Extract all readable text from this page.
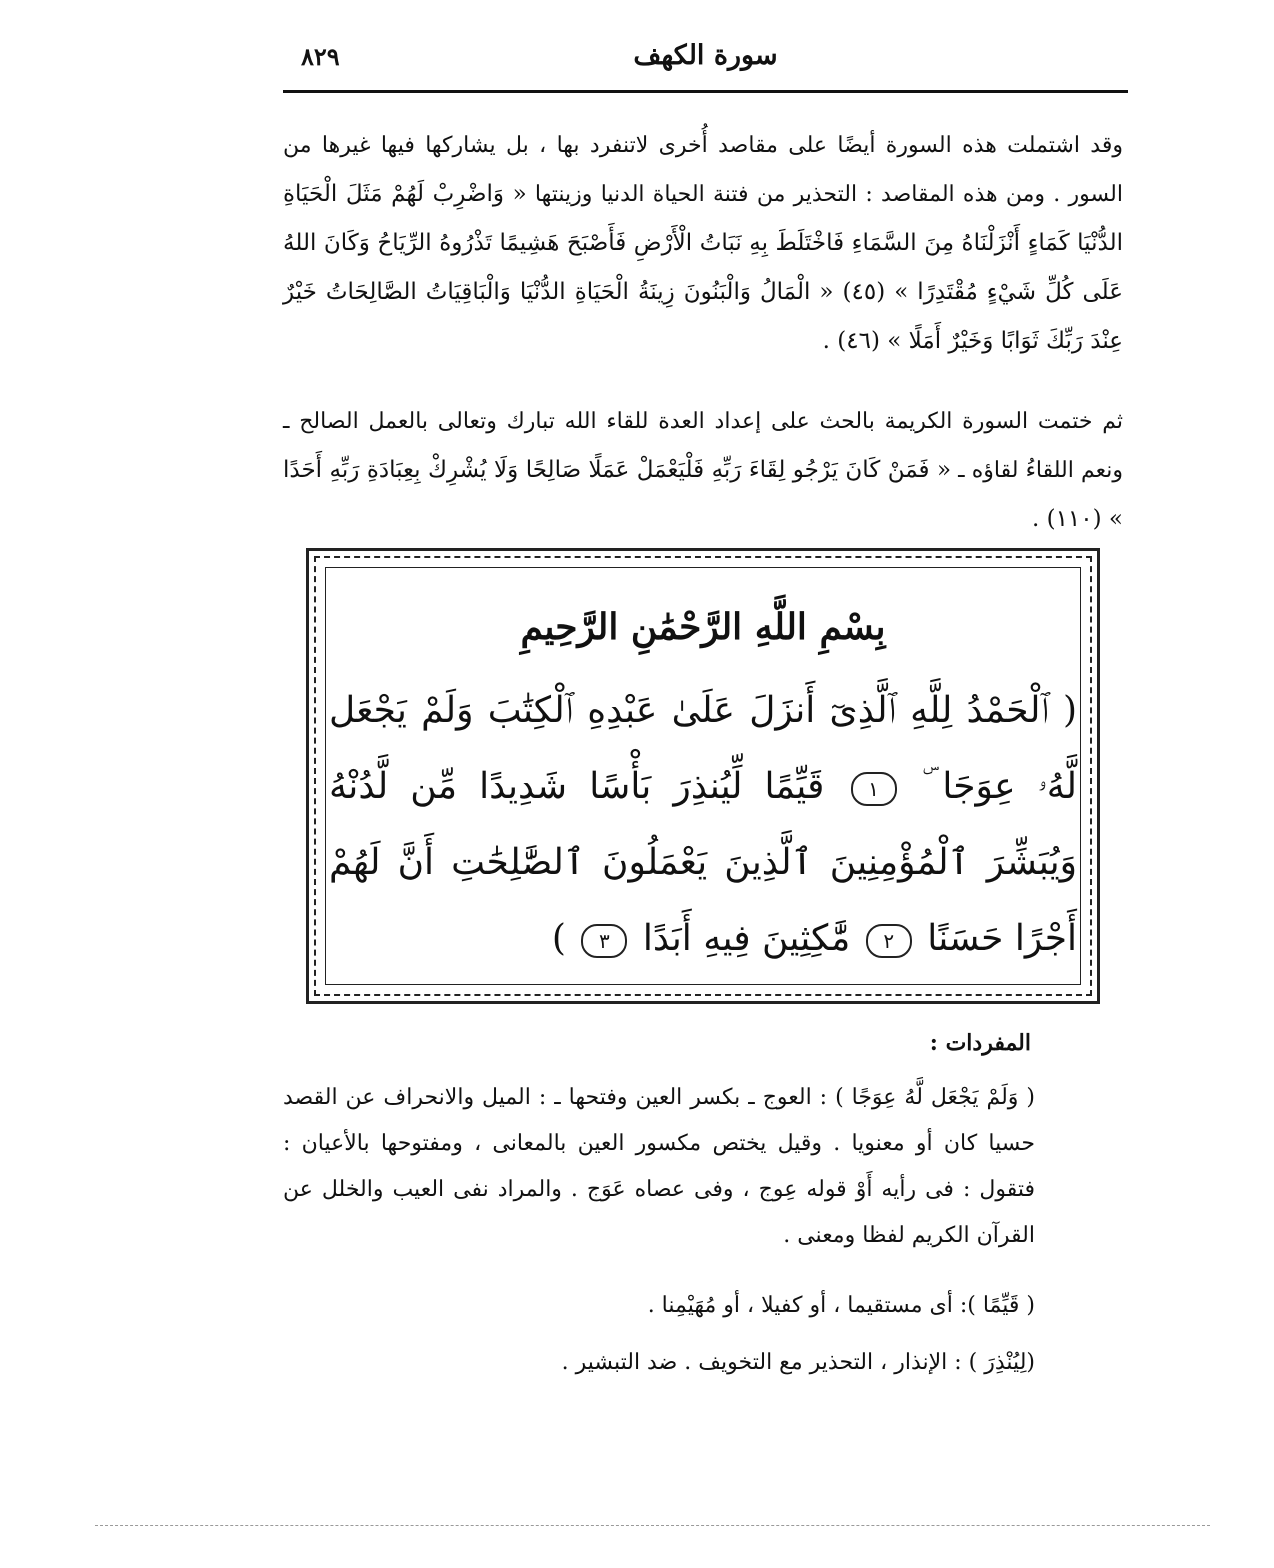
سورة الكهف
٨٢٩

وقد اشتملت هذه السورة أيضًا على مقاصد أُخرى لاتنفرد بها ، بل يشاركها فيها غيرها من السور . ومن هذه المقاصد : التحذير من فتنة الحياة الدنيا وزينتها « وَاضْرِبْ لَهُمْ مَثَلَ الْحَيَاةِ الدُّنْيَا كَمَاءٍ أَنْزَلْنَاهُ مِنَ السَّمَاءِ فَاخْتَلَطَ بِهِ نَبَاتُ الْأَرْضِ فَأَصْبَحَ هَشِيمًا تَذْرُوهُ الرِّيَاحُ وَكَانَ اللهُ عَلَى كُلِّ شَيْءٍ مُقْتَدِرًا » (٤٥) « الْمَالُ وَالْبَنُونَ زِينَةُ الْحَيَاةِ الدُّنْيَا وَالْبَاقِيَاتُ الصَّالِحَاتُ خَيْرٌ عِنْدَ رَبِّكَ ثَوَابًا وَخَيْرٌ أَمَلًا » (٤٦) .

ثم ختمت السورة الكريمة بالحث على إعداد العدة للقاء الله تبارك وتعالى بالعمل الصالح ـ ونعم اللقاءُ لقاؤه ـ « فَمَنْ كَانَ يَرْجُو لِقَاءَ رَبِّهِ فَلْيَعْمَلْ عَمَلًا صَالِحًا وَلَا يُشْرِكْ بِعِبَادَةِ رَبِّهِ أَحَدًا » (١١٠) .

بِسْمِ اللَّهِ الرَّحْمَٰنِ الرَّحِيمِ
( ٱلْحَمْدُ لِلَّهِ ٱلَّذِىٓ أَنزَلَ عَلَىٰ عَبْدِهِ ٱلْكِتَٰبَ وَلَمْ يَجْعَل لَّهُۥ عِوَجَا ۜ ١ قَيِّمًا لِّيُنذِرَ بَأْسًا شَدِيدًا مِّن لَّدُنْهُ وَيُبَشِّرَ ٱلْمُؤْمِنِينَ ٱلَّذِينَ يَعْمَلُونَ ٱلصَّٰلِحَٰتِ أَنَّ لَهُمْ أَجْرًا حَسَنًا ٢ مَّٰكِثِينَ فِيهِ أَبَدًا ٣ )
المفردات :

( وَلَمْ يَجْعَل لَّهُ عِوَجًا ) : العوج ـ بكسر العين وفتحها ـ : الميل والانحراف عن القصد حسيا كان أو معنويا . وقيل يختص مكسور العين بالمعانى ، ومفتوحها بالأعيان : فتقول : فى رأيه أَوْ قوله عِوج ، وفى عصاه عَوَج . والمراد نفى العيب والخلل عن القرآن الكريم لفظا ومعنى .

( قَيِّمًا ): أى مستقيما ، أو كفيلا ، أو مُهَيْمِنا .

(لِيُنْذِرَ ) : الإنذار ، التحذير مع التخويف . ضد التبشير .
